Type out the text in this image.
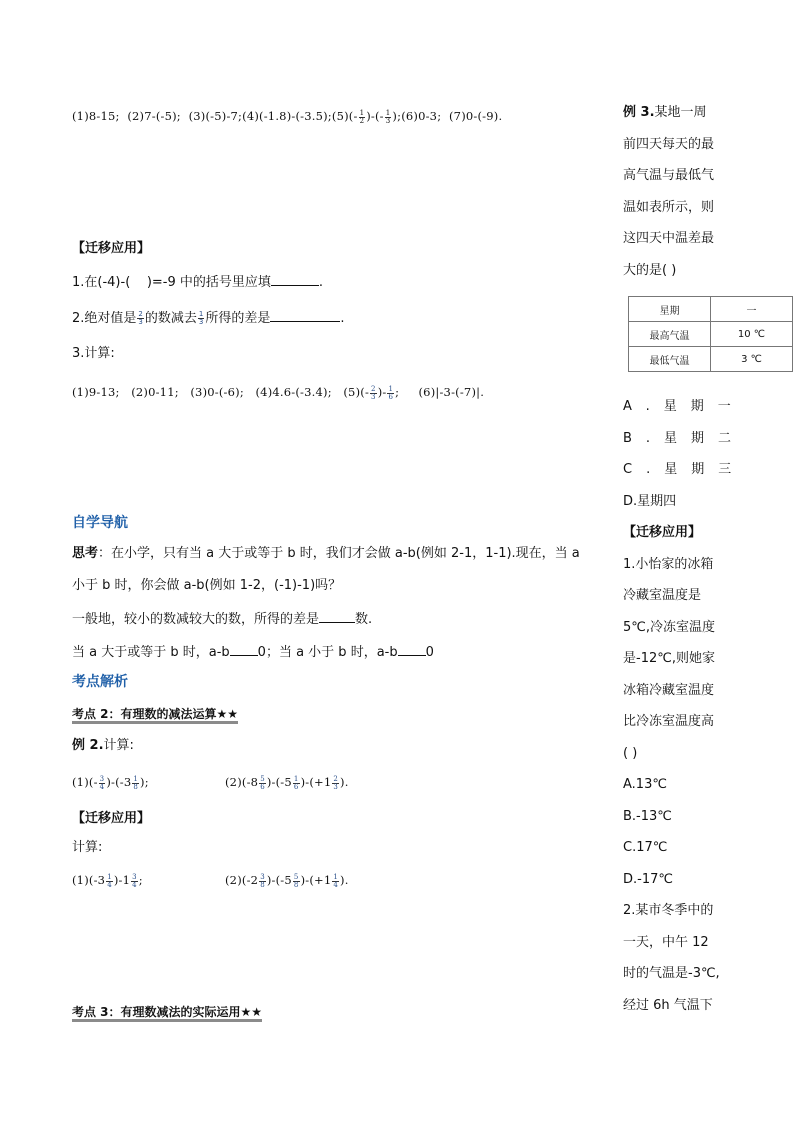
(1)8-15; (2)7-(-5); (3)(-5)-7;(4)(-1.8)-(-3.5);(5)(- $\frac{1}{2}$ )-(- $\frac{1}{3}$ );(6)0-3; (7)0-(-9).
【迁移应用】
1.在(-4)-( )=-9 中的括号里应填	.
2.绝对值是 $\frac{2}{3}$ 的数减去 $\frac{1}{3}$ 所得的差是	.
3.计算:
(1)9-13; (2)0-11; (3)0-(-6); (4)4.6-(-3.4); $(5)(- \frac{2}{3}$ )- $\frac{1}{6}$ ; (6)|-3-(-7)|.
自学导航
思考：在小学，只有当 a 大于或等于 b 时，我们才会做 a-b(例如 2-1，1-1).现在，当 a
小于 b 时，你会做 a-b(例如 1-2，(-1)-1)吗？
一般地，较小的数减较大的数，所得的差是	数.
当 a 大于或等于 b 时，a-b 0；当 a 小于 b 时，a-b 0
考点解析
考点 2：有理数的减法运算★★
例 2.计算:
$(1)(- \frac{3}{4} )-(-3 \frac{1}{8}$ );	$(2)(-8 \frac{5}{6} )-(-5 \frac{1}{6} )-(+1 \frac{2}{3}$ ).
【迁移应用】
计算:
$(1)(-3 \frac{1}{4} )-1 \frac{3}{4}$ ;	$(2)(-2 \frac{3}{8} )-(-5 \frac{5}{8} )-(+1 \frac{1}{4}$ ).
考点 3：有理数减法的实际运用★★
例 3.某地一周
前四天每天的最
高气温与最低气
温如表所示，则
这四天中温差最
大的是( )
星期	一
最高气温	10 ℃
最低气温	3 ℃
A.星期一
B.星期二
C.星期三
D.星期四
【迁移应用】
1.小怡家的冰箱
冷藏室温度是
5℃,冷冻室温度
是-12℃,则她家
冰箱冷藏室温度
比冷冻室温度高
( )
A.13℃
B.-13℃
C.17℃
D.-17℃
2.某市冬季中的
一天，中午 12
时的气温是-3℃,
经过 6h 气温下
